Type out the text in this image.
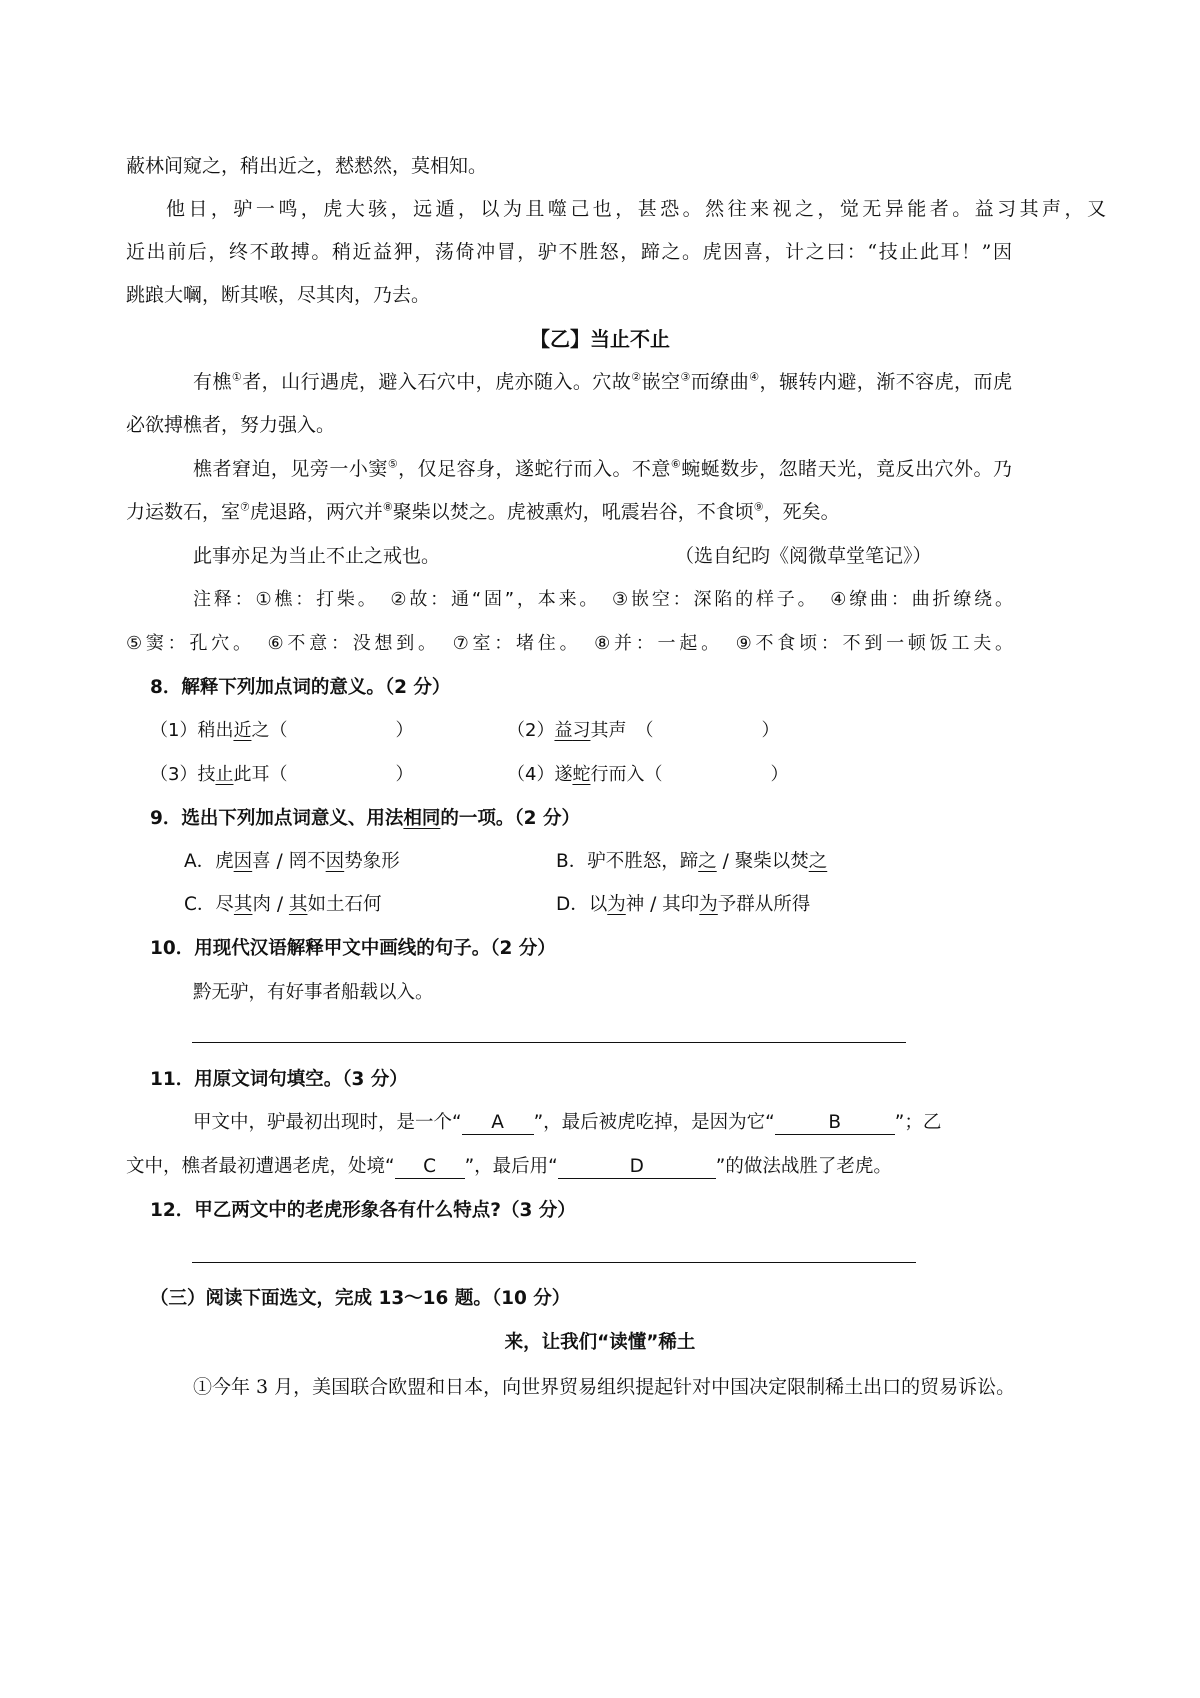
蔽林间窥之，稍出近之，慭慭然，莫相知。
他日，驴一鸣，虎大骇，远遁，以为且噬己也，甚恐。然往来视之，觉无异能者。益习其声，又
近出前后，终不敢搏。稍近益狎，荡倚冲冒，驴不胜怒，蹄之。虎因喜，计之曰：“技止此耳！”因
跳踉大㘎，断其喉，尽其肉，乃去。
【乙】当止不止
有樵①者，山行遇虎，避入石穴中，虎亦随入。穴故②嵌空③而缭曲④，辗转内避，渐不容虎，而虎
必欲搏樵者，努力强入。
樵者窘迫，见旁一小窦⑤，仅足容身，遂蛇行而入。不意⑥蜿蜒数步，忽睹天光，竟反出穴外。乃
力运数石，室⑦虎退路，两穴并⑧聚柴以焚之。虎被熏灼，吼震岩谷，不食顷⑨，死矣。
此事亦足为当止不止之戒也。	（选自纪昀《阅微草堂笔记》）
注释：①樵：打柴。　②故：通“固”，本来。　③嵌空：深陷的样子。　④缭曲：曲折缭绕。
⑤窦：孔穴。　⑥不意：没想到。　⑦室：堵住。　⑧并：一起。　⑨不食顷：不到一顿饭工夫。
8．解释下列加点词的意义。（2 分）
（1）稍出近之（　　　　　　）	（2）益习其声　（　　　　　　）
（3）技止此耳（　　　　　　）	（4）遂蛇行而入（　　　　　　）
9．选出下列加点词意义、用法相同的一项。（2 分）
A．虎因喜 / 罔不因势象形	B．驴不胜怒，蹄之 / 聚柴以焚之
C．尽其肉 / 其如土石何	D．以为神 / 其印为予群从所得
10．用现代汉语解释甲文中画线的句子。（2 分）
黔无驴，有好事者船载以入。
11．用原文词句填空。（3 分）
甲文中，驴最初出现时，是一个“ A ”，最后被虎吃掉，是因为它“	B	”；乙
文中，樵者最初遭遇老虎，处境“ C ”，最后用“	D	”的做法战胜了老虎。
12．甲乙两文中的老虎形象各有什么特点?（3 分）
（三）阅读下面选文，完成 13～16 题。（10 分）
来，让我们“读懂”稀土
①今年 3 月，美国联合欧盟和日本，向世界贸易组织提起针对中国决定限制稀土出口的贸易诉讼。
